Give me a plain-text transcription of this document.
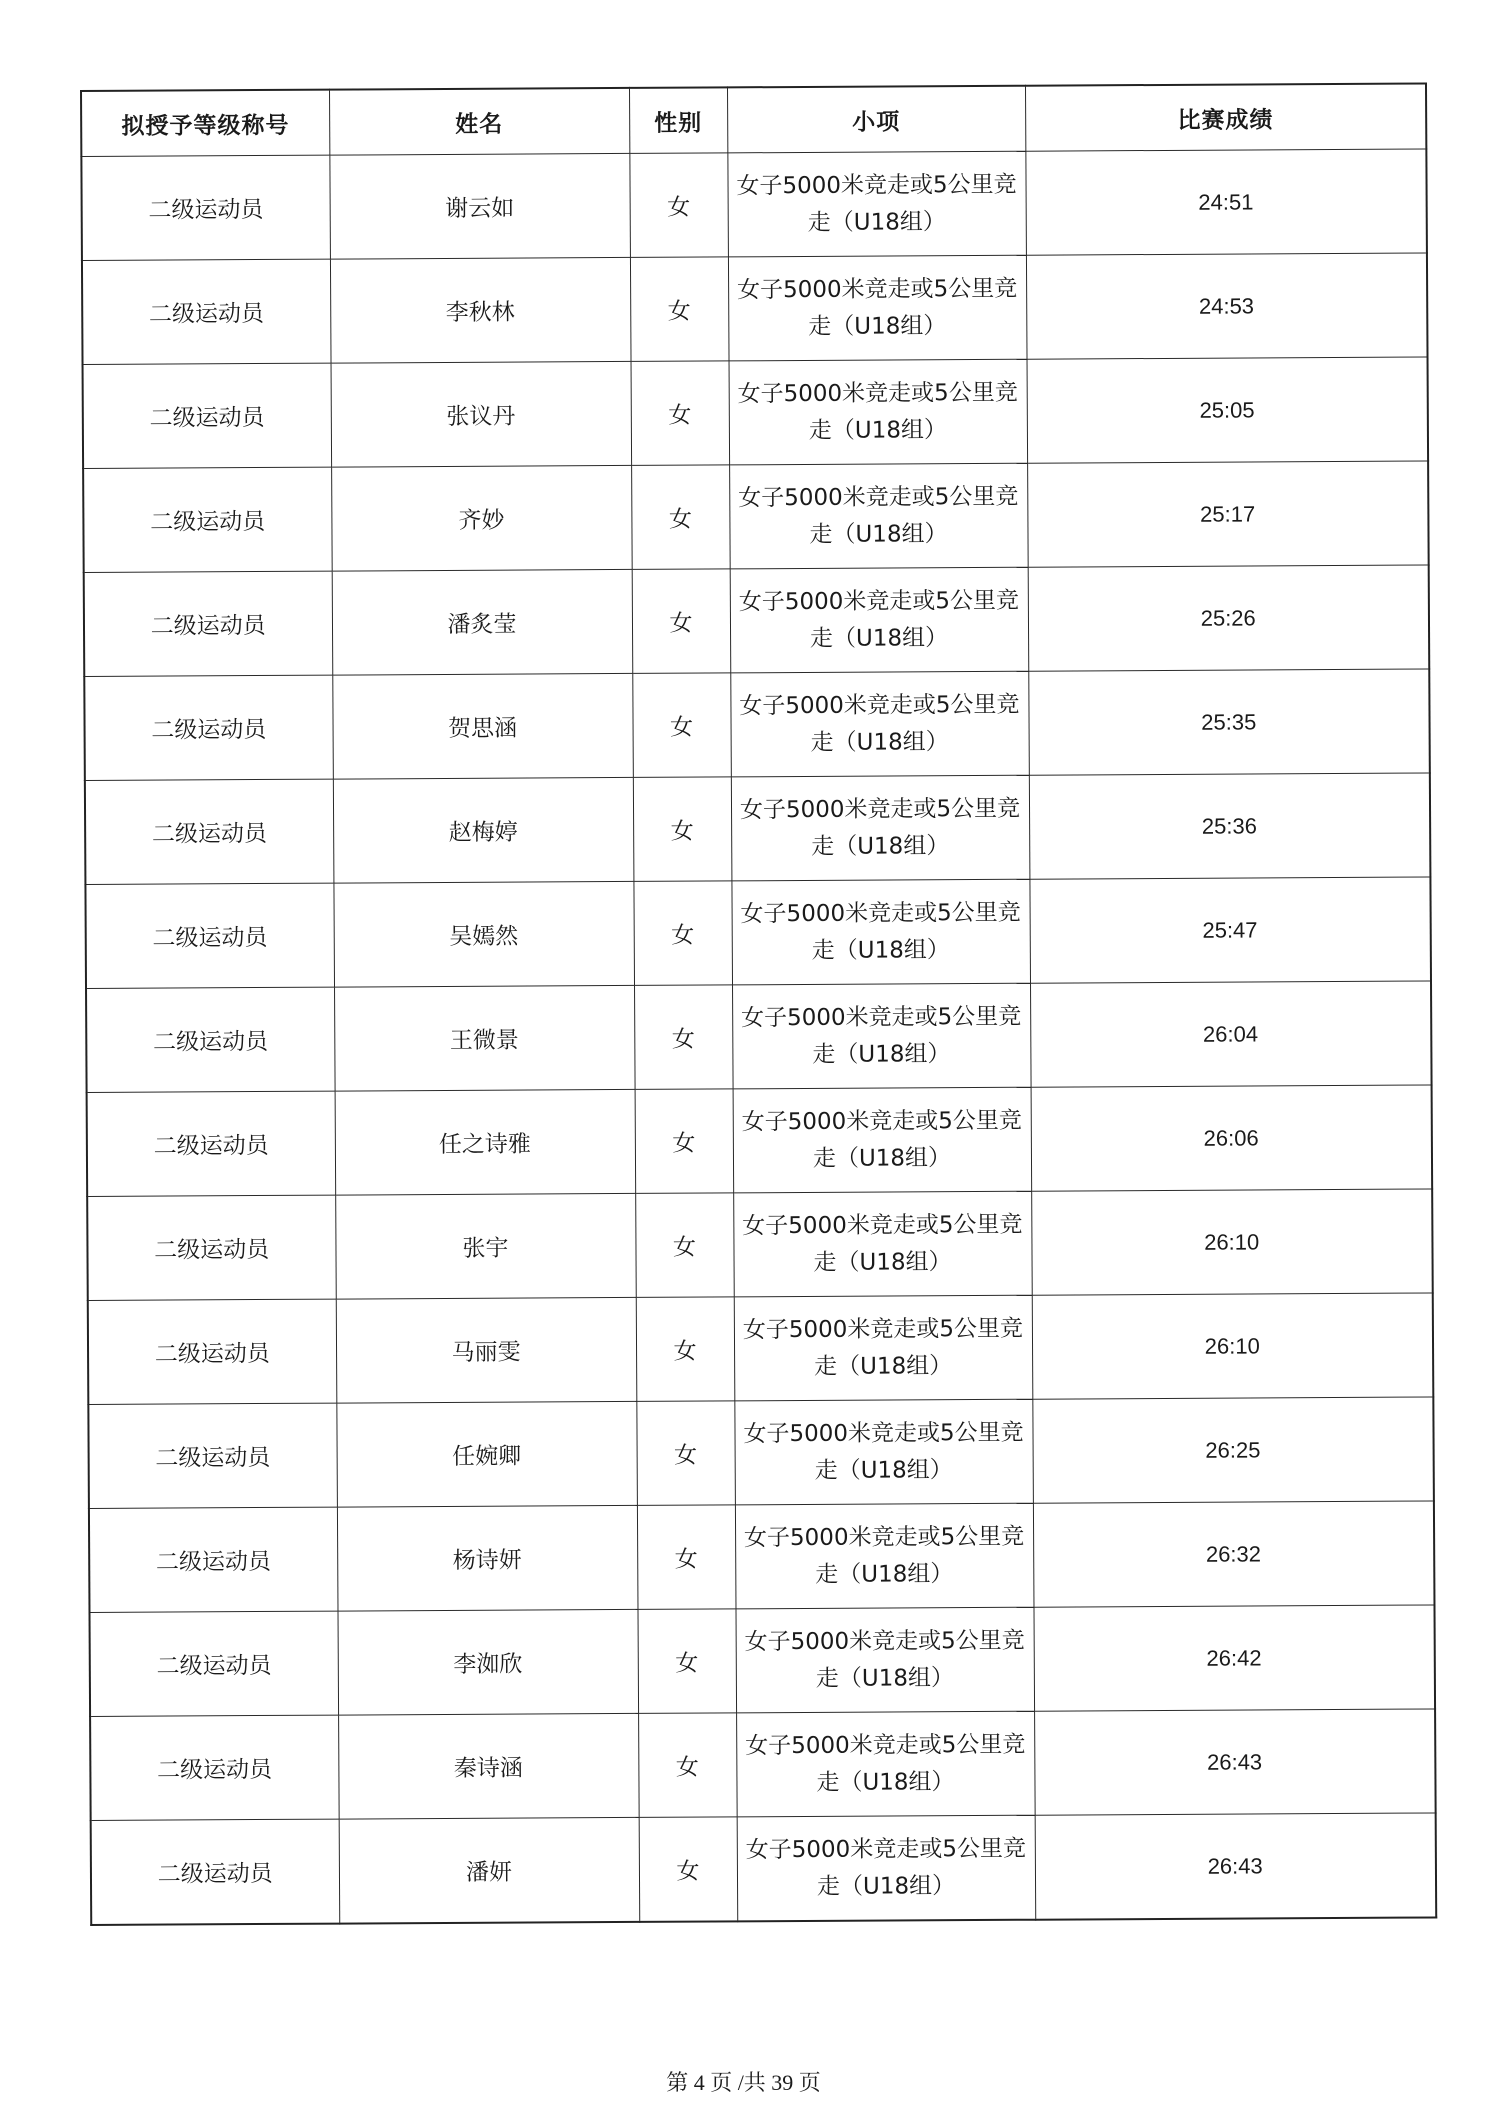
拟授予等级称号	姓名	性别	小项	比赛成绩
二级运动员	谢云如	女	女子5000米竞走或5公里竞走（U18组）	24:51
二级运动员	李秋林	女	女子5000米竞走或5公里竞走（U18组）	24:53
二级运动员	张议丹	女	女子5000米竞走或5公里竞走（U18组）	25:05
二级运动员	齐妙	女	女子5000米竞走或5公里竞走（U18组）	25:17
二级运动员	潘炙莹	女	女子5000米竞走或5公里竞走（U18组）	25:26
二级运动员	贺思涵	女	女子5000米竞走或5公里竞走（U18组）	25:35
二级运动员	赵梅婷	女	女子5000米竞走或5公里竞走（U18组）	25:36
二级运动员	吴嫣然	女	女子5000米竞走或5公里竞走（U18组）	25:47
二级运动员	王微景	女	女子5000米竞走或5公里竞走（U18组）	26:04
二级运动员	任之诗雅	女	女子5000米竞走或5公里竞走（U18组）	26:06
二级运动员	张宇	女	女子5000米竞走或5公里竞走（U18组）	26:10
二级运动员	马丽雯	女	女子5000米竞走或5公里竞走（U18组）	26:10
二级运动员	任婉卿	女	女子5000米竞走或5公里竞走（U18组）	26:25
二级运动员	杨诗妍	女	女子5000米竞走或5公里竞走（U18组）	26:32
二级运动员	李洳欣	女	女子5000米竞走或5公里竞走（U18组）	26:42
二级运动员	秦诗涵	女	女子5000米竞走或5公里竞走（U18组）	26:43
二级运动员	潘妍	女	女子5000米竞走或5公里竞走（U18组）	26:43
第 4 页 /共 39 页
